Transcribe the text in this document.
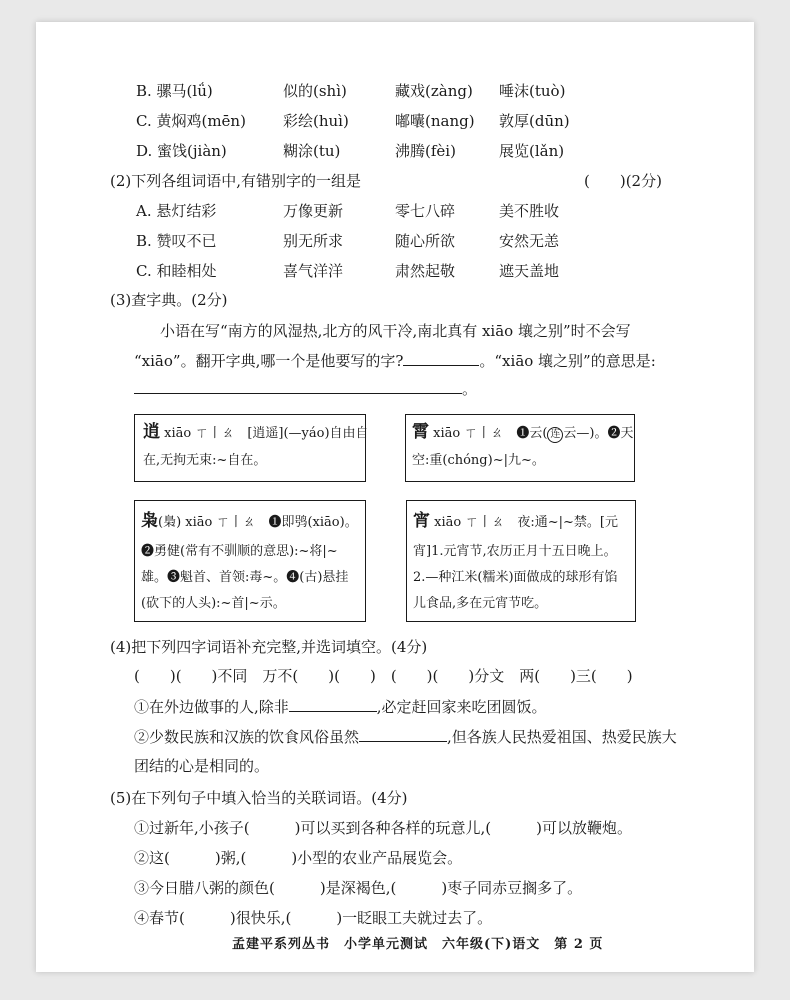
B. 骡马(lǘ)	似的(shì)	藏戏(zàng) 唾沫(tuò)
C. 黄焖鸡(mēn) 彩绘(huì)	嘟囔(nang) 敦厚(dūn)
D. 蜜饯(jiàn)	糊涂(tu)	沸腾(fèi)	展览(lǎn)
(2)下列各组词语中,有错别字的一组是	(　　)(2分)
A. 悬灯结彩	万像更新	零七八碎	美不胜收
B. 赞叹不已	别无所求	随心所欲	安然无恙
C. 和睦相处	喜气洋洋	肃然起敬	遮天盖地
(3)查字典。(2分)
小语在写“南方的风湿热,北方的风干冷,南北真有 xiāo 壤之别”时不会写
“xiāo”。翻开字典,哪一个是他要写的字?	。“xiāo 壤之别”的意思是:
。
逍 xiāo ㄒ丨ㄠ　[逍遥](—yáo)自由自
在,无拘无束:~自在。
霄 xiāo ㄒ丨ㄠ　❶云( 连 云—)。❷天
空:重(chóng)~|九~。
枭(梟) xiāo ㄒ丨ㄠ　❶即鸮(xiāo)。
❷勇健(常有不驯顺的意思):~将|~
雄。❸魁首、首领:毒~。❹(古)悬挂
(砍下的人头):~首|~示。
宵 xiāo ㄒ丨ㄠ　夜:通~|~禁。[元
宵]1.元宵节,农历正月十五日晚上。
2.—种江米(糯米)面做成的球形有馅
儿食品,多在元宵节吃。
(4)把下列四字词语补充完整,并选词填空。(4分)
(　　)(　　)不同　万不(　　)(　　)　(　　)(　　)分文　两(　　)三(　　)
①在外边做事的人,除非	,必定赶回家来吃团圆饭。
②少数民族和汉族的饮食风俗虽然	,但各族人民热爱祖国、热爱民族大
团结的心是相同的。
(5)在下列句子中填入恰当的关联词语。(4分)
①过新年,小孩子(　　　)可以买到各种各样的玩意儿,(　　　)可以放鞭炮。
②这(　　　)粥,(　　　)小型的农业产品展览会。
③今日腊八粥的颜色(　　　)是深褐色,(　　　)枣子同赤豆搁多了。
④春节(　　　)很快乐,(　　　)一眨眼工夫就过去了。
孟建平系列丛书　小学单元测试　六年级(下)语文　第 2 页
